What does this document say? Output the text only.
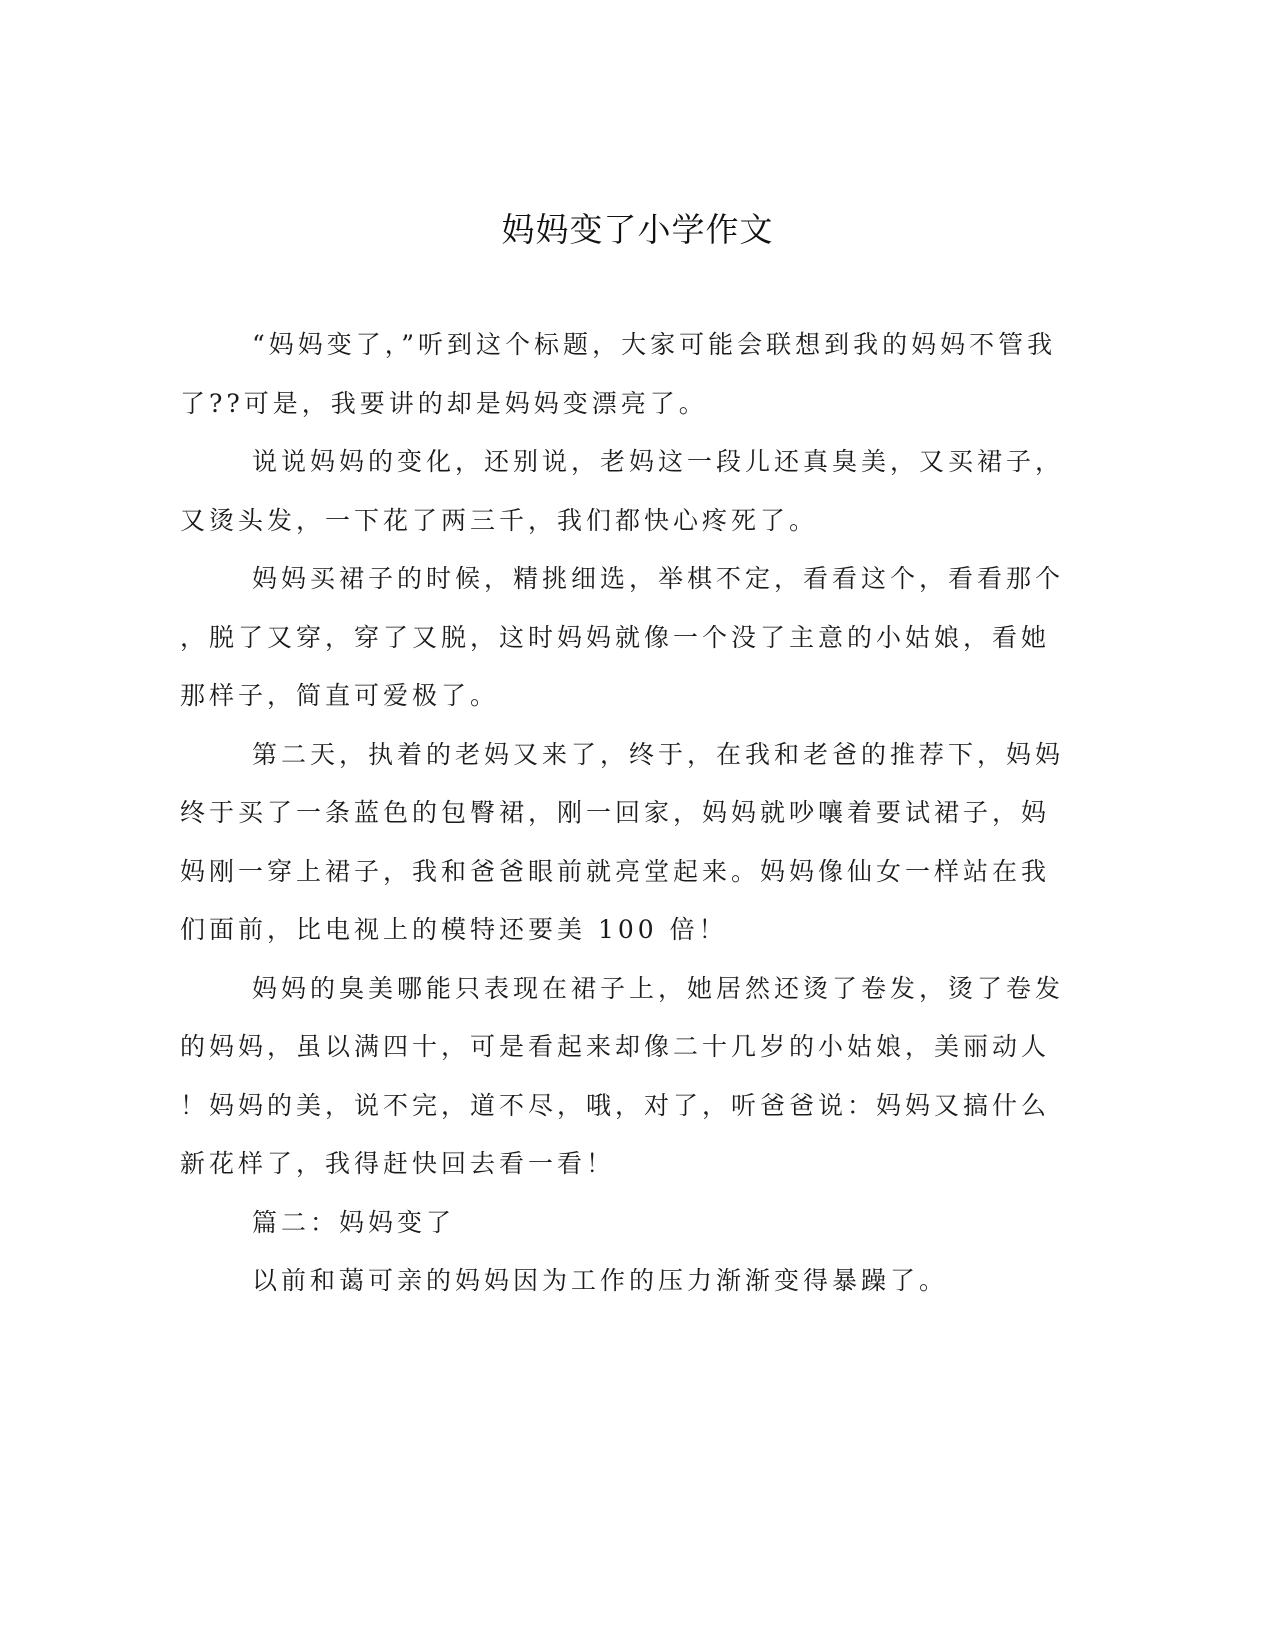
妈妈变了小学作文
“妈妈变了，”听到这个标题，大家可能会联想到我的妈妈不管我
了??可是，我要讲的却是妈妈变漂亮了。
说说妈妈的变化，还别说，老妈这一段儿还真臭美，又买裙子，
又烫头发，一下花了两三千，我们都快心疼死了。
妈妈买裙子的时候，精挑细选，举棋不定，看看这个，看看那个
，脱了又穿，穿了又脱，这时妈妈就像一个没了主意的小姑娘，看她
那样子，简直可爱极了。
第二天，执着的老妈又来了，终于，在我和老爸的推荐下，妈妈
终于买了一条蓝色的包臀裙，刚一回家，妈妈就吵嚷着要试裙子，妈
妈刚一穿上裙子，我和爸爸眼前就亮堂起来。妈妈像仙女一样站在我
们面前，比电视上的模特还要美 100 倍！
妈妈的臭美哪能只表现在裙子上，她居然还烫了卷发，烫了卷发
的妈妈，虽以满四十，可是看起来却像二十几岁的小姑娘，美丽动人
！妈妈的美，说不完，道不尽，哦，对了，听爸爸说：妈妈又搞什么
新花样了，我得赶快回去看一看！
篇二：妈妈变了
以前和蔼可亲的妈妈因为工作的压力渐渐变得暴躁了。
